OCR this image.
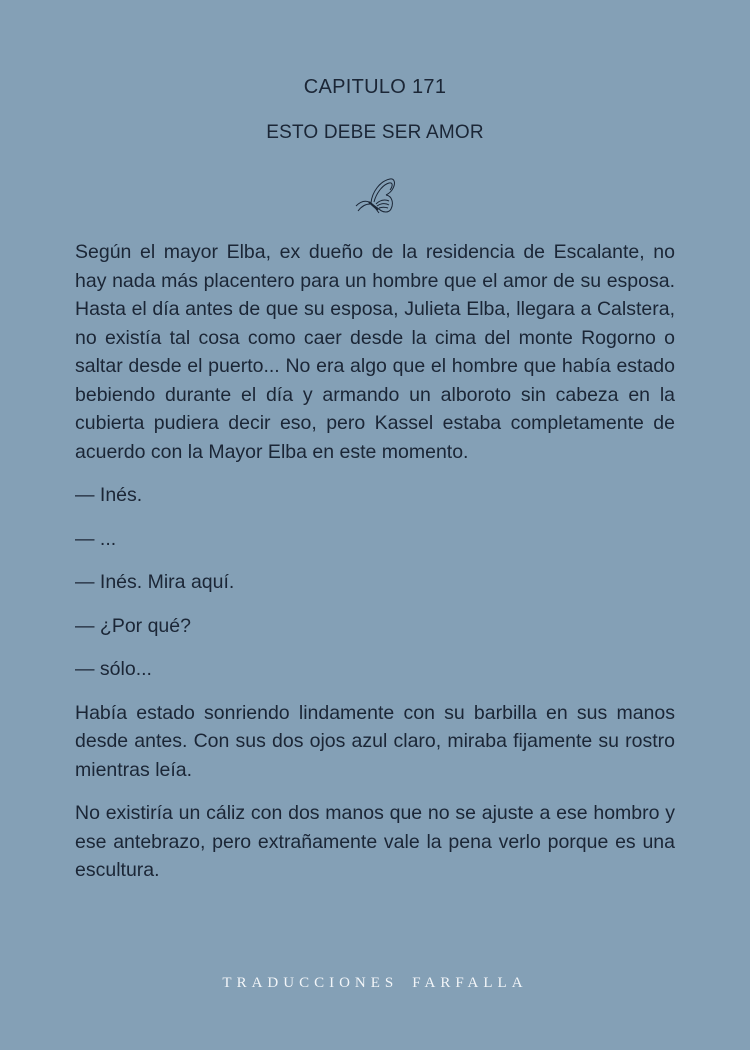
CAPITULO 171
ESTO DEBE SER AMOR

Según el mayor Elba, ex dueño de la residencia de Escalante, no hay nada más placentero para un hombre que el amor de su esposa. Hasta el día antes de que su esposa, Julieta Elba, llegara a Calstera, no existía tal cosa como caer desde la cima del monte Rogorno o saltar desde el puerto... No era algo que el hombre que había estado bebiendo durante el día y armando un alboroto sin cabeza en la cubierta pudiera decir eso, pero Kassel estaba completamente de acuerdo con la Mayor Elba en este momento.

— Inés.

— ...

— Inés. Mira aquí.

— ¿Por qué?

— sólo...

Había estado sonriendo lindamente con su barbilla en sus manos desde antes. Con sus dos ojos azul claro, miraba fijamente su rostro mientras leía.

No existiría un cáliz con dos manos que no se ajuste a ese hombro y ese antebrazo, pero extrañamente vale la pena verlo porque es una escultura.

TRADUCCIONES FARFALLA
